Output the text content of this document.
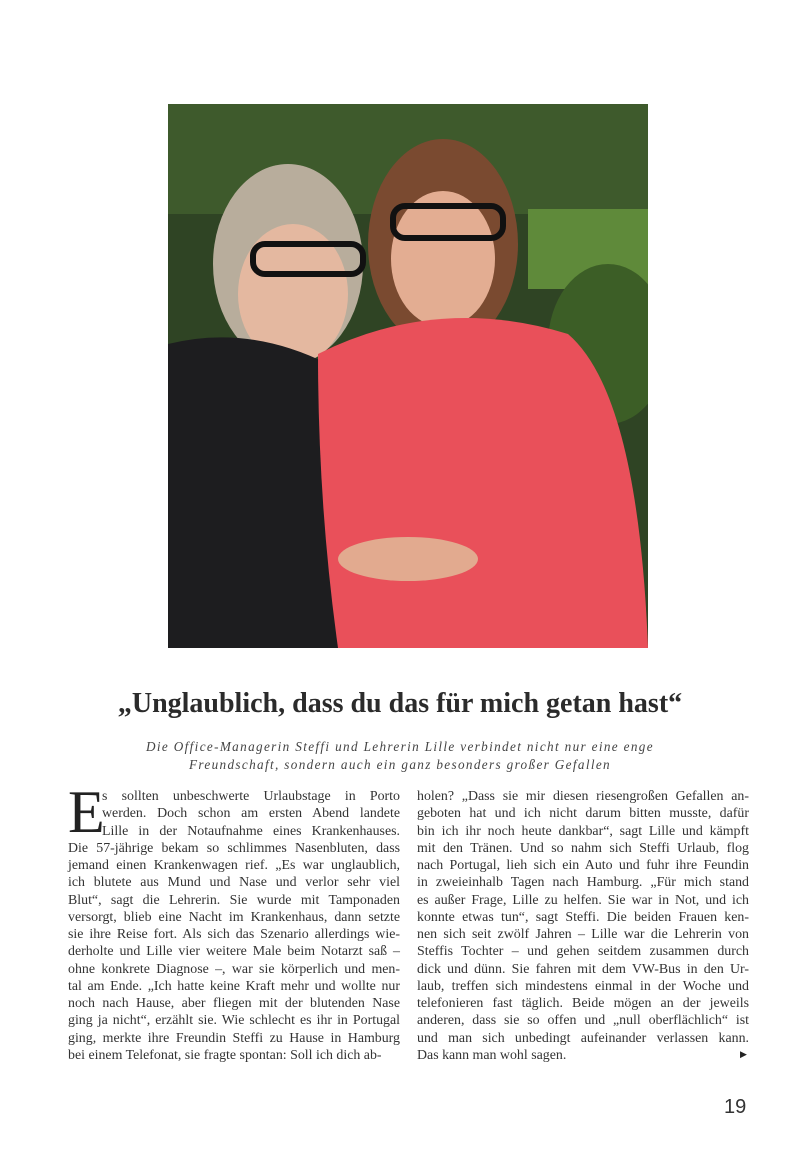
„Unglaublich, dass du das für mich getan hast“
Die Office-Managerin Steffi und Lehrerin Lille verbindet nicht nur eine enge
Freundschaft, sondern auch ein ganz besonders großer Gefallen
E
s sollten unbeschwerte Urlaubstage in Porto
werden. Doch schon am ersten Abend landete
Lille in der Notaufnahme eines Krankenhauses.
Die 57-jährige bekam so schlimmes Nasenbluten, dass
jemand einen Krankenwagen rief. „Es war unglaublich,
ich blutete aus Mund und Nase und verlor sehr viel
Blut“, sagt die Lehrerin. Sie wurde mit Tamponaden
versorgt, blieb eine Nacht im Krankenhaus, dann setzte
sie ihre Reise fort. Als sich das Szenario allerdings wie-
derholte und Lille vier weitere Male beim Notarzt saß –
ohne konkrete Diagnose –, war sie körperlich und men-
tal am Ende. „Ich hatte keine Kraft mehr und wollte nur
noch nach Hause, aber fliegen mit der blutenden Nase
ging ja nicht“, erzählt sie. Wie schlecht es ihr in Portugal
ging, merkte ihre Freundin Steffi zu Hause in Hamburg
bei einem Telefonat, sie fragte spontan: Soll ich dich ab-
holen? „Dass sie mir diesen riesengroßen Gefallen an-
geboten hat und ich nicht darum bitten musste, dafür
bin ich ihr noch heute dankbar“, sagt Lille und kämpft
mit den Tränen. Und so nahm sich Steffi Urlaub, flog
nach Portugal, lieh sich ein Auto und fuhr ihre Feundin
in zweieinhalb Tagen nach Hamburg. „Für mich stand
es außer Frage, Lille zu helfen. Sie war in Not, und ich
konnte etwas tun“, sagt Steffi. Die beiden Frauen ken-
nen sich seit zwölf Jahren – Lille war die Lehrerin von
Steffis Tochter – und gehen seitdem zusammen durch
dick und dünn. Sie fahren mit dem VW-Bus in den Ur-
laub, treffen sich mindestens einmal in der Woche und
telefonieren fast täglich. Beide mögen an der jeweils
anderen, dass sie so offen und „null oberflächlich“ ist
und man sich unbedingt aufeinander verlassen kann.
Das kann man wohl sagen.	▶
19
